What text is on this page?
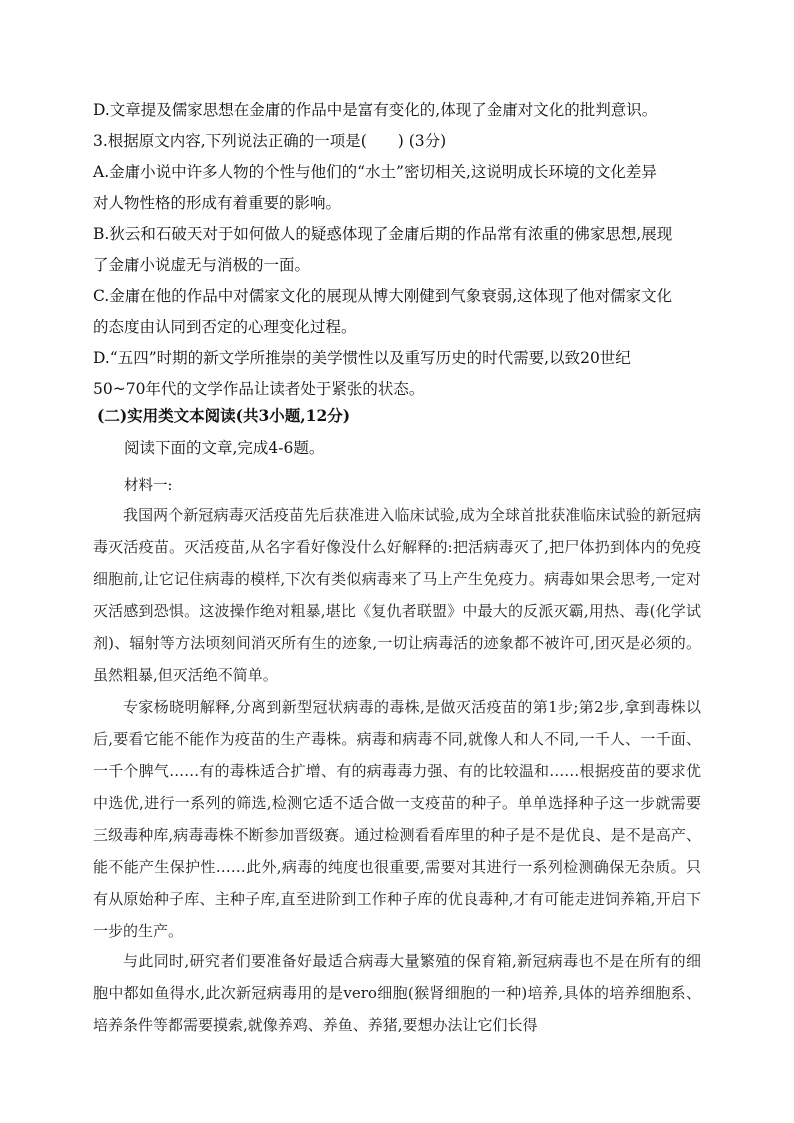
D.文章提及儒家思想在金庸的作品中是富有变化的,体现了金庸对文化的批判意识。
3.根据原文内容,下列说法正确的一项是(　　) (3分)
A.金庸小说中许多人物的个性与他们的“水土”密切相关,这说明成长环境的文化差异
对人物性格的形成有着重要的影响。
B.狄云和石破天对于如何做人的疑惑体现了金庸后期的作品常有浓重的佛家思想,展现
了金庸小说虚无与消极的一面。
C.金庸在他的作品中对儒家文化的展现从博大刚健到气象衰弱,这体现了他对儒家文化
的态度由认同到否定的心理变化过程。
D.“五四”时期的新文学所推崇的美学惯性以及重写历史的时代需要,以致20世纪
50~70年代的文学作品让读者处于紧张的状态。
(二)实用类文本阅读(共3小题,12分)
阅读下面的文章,完成4-6题。
材料一:

我国两个新冠病毒灭活疫苗先后获准进入临床试验,成为全球首批获准临床试验的新冠病毒灭活疫苗。灭活疫苗,从名字看好像没什么好解释的:把活病毒灭了,把尸体扔到体内的免疫细胞前,让它记住病毒的模样,下次有类似病毒来了马上产生免疫力。病毒如果会思考,一定对灭活感到恐惧。这波操作绝对粗暴,堪比《复仇者联盟》中最大的反派灭霸,用热、毒(化学试剂)、辐射等方法顷刻间消灭所有生的迹象,一切让病毒活的迹象都不被许可,团灭是必须的。虽然粗暴,但灭活绝不简单。

专家杨晓明解释,分离到新型冠状病毒的毒株,是做灭活疫苗的第1步;第2步,拿到毒株以后,要看它能不能作为疫苗的生产毒株。病毒和病毒不同,就像人和人不同,一千人、一千面、一千个脾气……有的毒株适合扩增、有的病毒毒力强、有的比较温和……根据疫苗的要求优中选优,进行一系列的筛选,检测它适不适合做一支疫苗的种子。单单选择种子这一步就需要三级毒种库,病毒毒株不断参加晋级赛。通过检测看看库里的种子是不是优良、是不是高产、能不能产生保护性……此外,病毒的纯度也很重要,需要对其进行一系列检测确保无杂质。只有从原始种子库、主种子库,直至进阶到工作种子库的优良毒种,才有可能走进饲养箱,开启下一步的生产。

与此同时,研究者们要准备好最适合病毒大量繁殖的保育箱,新冠病毒也不是在所有的细胞中都如鱼得水,此次新冠病毒用的是vero细胞(猴肾细胞的一种)培养,具体的培养细胞系、培养条件等都需要摸索,就像养鸡、养鱼、养猪,要想办法让它们长得
